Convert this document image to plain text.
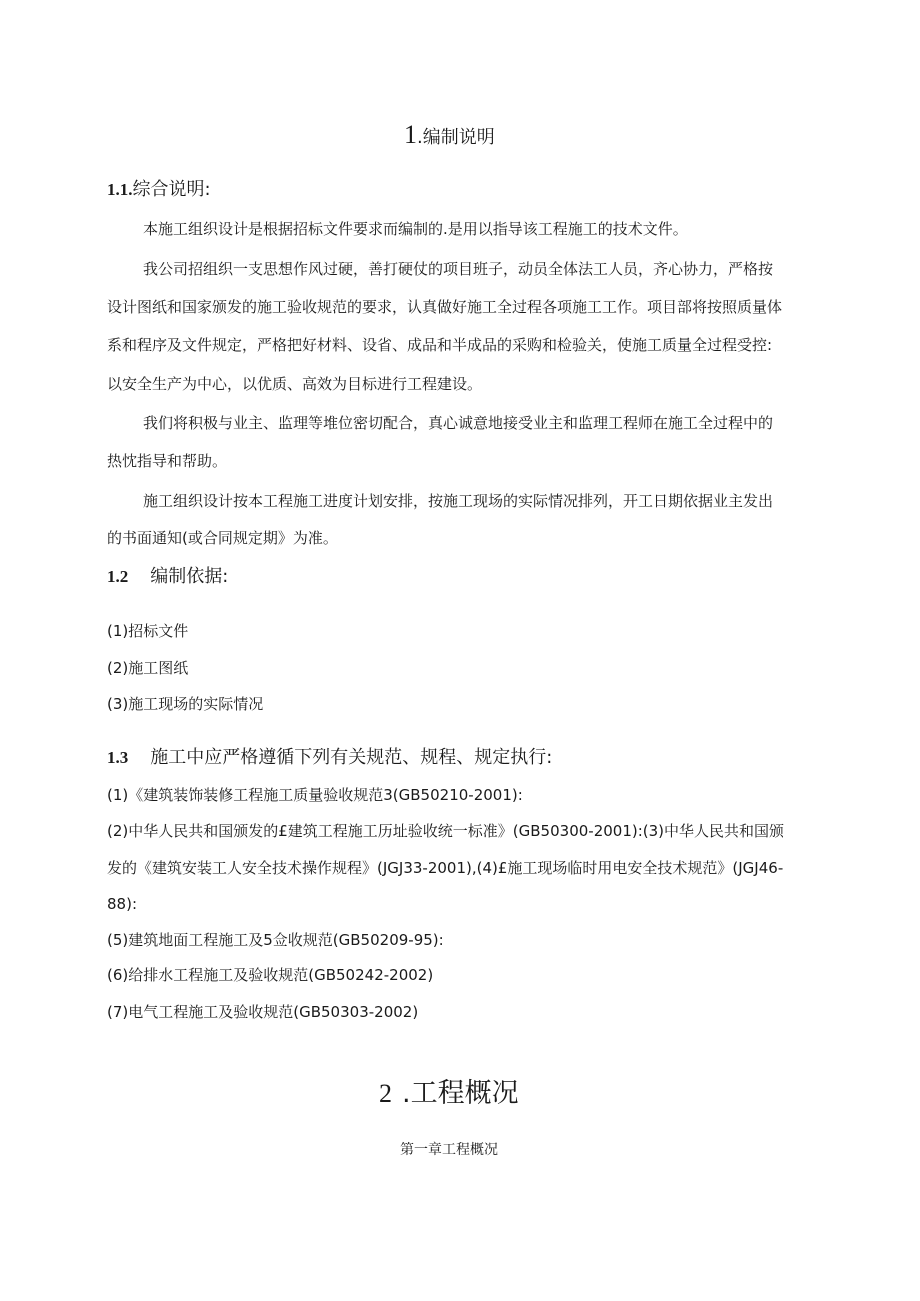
1.编制说明
1.1.综合说明:
本施工组织设计是根据招标文件要求而编制的.是用以指导该工程施工的技术文件。
我公司招组织一支思想作风过硬，善打硬仗的项目班子，动员全体法工人员，齐心协力，严格按
设计图纸和国家颁发的施工验收规范的要求，认真做好施工全过程各项施工工作。项目部将按照质量体
系和程序及文件规定，严格把好材料、设省、成品和半成品的采购和检验关，使施工质量全过程受控:
以安全生产为中心，以优质、高效为目标进行工程建设。
我们将积极与业主、监理等堆位密切配合，真心诚意地接受业主和监理工程师在施工全过程中的
热忱指导和帮助。
施工组织设计按本工程施工进度计划安排，按施工现场的实际情况排列，开工日期依据业主发出
的书面通知(或合同规定期》为准。
1.2 编制依据:
(1)招标文件
(2)施工图纸
(3)施工现场的实际情况
1.3 施工中应严格遵循下列有关规范、规程、规定执行:
(1)《建筑装饰装修工程施工质量验收规范3(GB50210-2001):
(2)中华人民共和国颁发的£建筑工程施工历址验收统一标准》(GB50300-2001):(3)中华人民共和国颁
发的《建筑安装工人安全技术操作规程》(JGJ33-2001),(4)£施工现场临时用电安全技术规范》(JGJ46-
88):
(5)建筑地面工程施工及5佥收规范(GB50209-95):
(6)给排水工程施工及验收规范(GB50242-2002)
(7)电气工程施工及验收规范(GB50303-2002)
2 .工程概况
第一章工程概况
